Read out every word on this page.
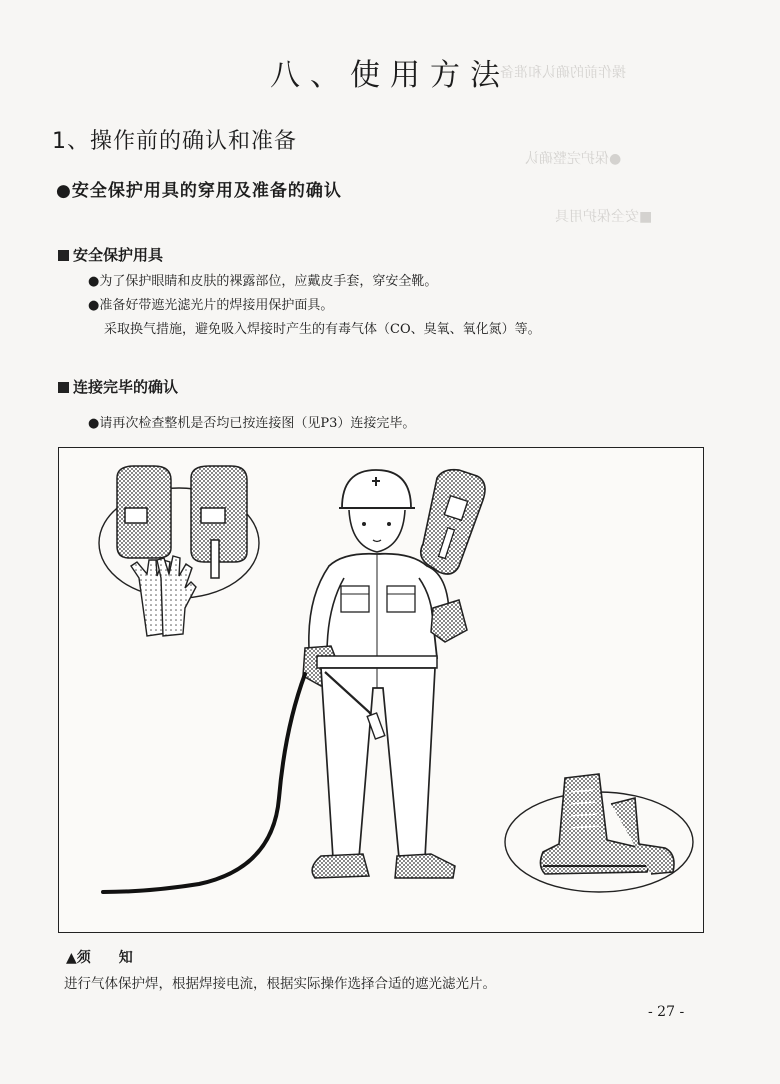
操作前的确认和准备
●保护完整确认
■安全保护用具
八、使用方法
1、操作前的确认和准备
●安全保护用具的穿用及准备的确认
安全保护用具
●为了保护眼睛和皮肤的裸露部位，应戴皮手套，穿安全靴。
●准备好带遮光滤光片的焊接用保护面具。
采取换气措施，避免吸入焊接时产生的有毒气体（CO、臭氧、氧化氮）等。
连接完毕的确认
●请再次检查整机是否均已按连接图（见P3）连接完毕。
▲须　　知
进行气体保护焊，根据焊接电流，根据实际操作选择合适的遮光滤光片。
- 27 -
